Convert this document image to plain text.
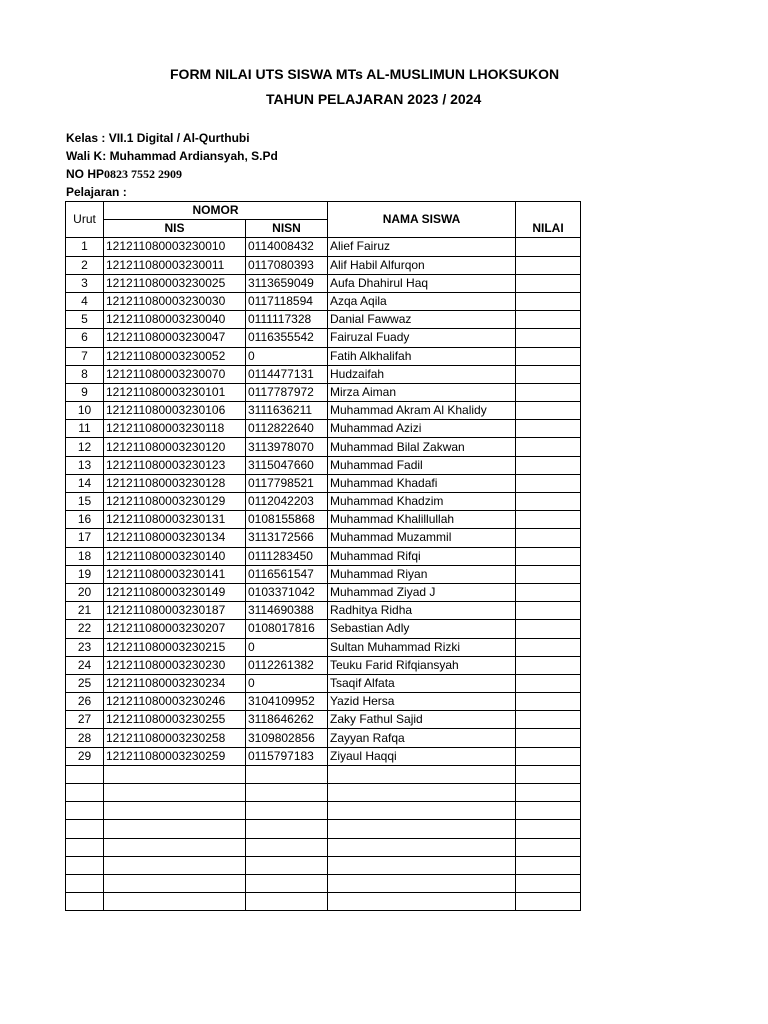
FORM NILAI UTS SISWA MTs AL-MUSLIMUN LHOKSUKON
TAHUN PELAJARAN 2023 / 2024
Kelas : VII.1 Digital / Al-Qurthubi
Wali K: Muhammad Ardiansyah, S.Pd
NO HP0823 7552 2909
Pelajaran :
Urut	NOMOR		NAMA SISWA	NILAI
	NIS	NISN		
1	121211080003230010	0114008432	Alief Fairuz	
2	121211080003230011	0117080393	Alif Habil Alfurqon	
3	121211080003230025	3113659049	Aufa Dhahirul Haq	
4	121211080003230030	0117118594	Azqa Aqila	
5	121211080003230040	0111117328	Danial Fawwaz	
6	121211080003230047	0116355542	Fairuzal Fuady	
7	121211080003230052	0	Fatih Alkhalifah	
8	121211080003230070	0114477131	Hudzaifah	
9	121211080003230101	0117787972	Mirza Aiman	
10	121211080003230106	3111636211	Muhammad Akram Al Khalidy	
11	121211080003230118	0112822640	Muhammad Azizi	
12	121211080003230120	3113978070	Muhammad Bilal Zakwan	
13	121211080003230123	3115047660	Muhammad Fadil	
14	121211080003230128	0117798521	Muhammad Khadafi	
15	121211080003230129	0112042203	Muhammad Khadzim	
16	121211080003230131	0108155868	Muhammad Khalillullah	
17	121211080003230134	3113172566	Muhammad Muzammil	
18	121211080003230140	0111283450	Muhammad Rifqi	
19	121211080003230141	0116561547	Muhammad Riyan	
20	121211080003230149	0103371042	Muhammad Ziyad J	
21	121211080003230187	3114690388	Radhitya Ridha	
22	121211080003230207	0108017816	Sebastian Adly	
23	121211080003230215	0	Sultan Muhammad Rizki	
24	121211080003230230	0112261382	Teuku Farid Rifqiansyah	
25	121211080003230234	0	Tsaqif Alfata	
26	121211080003230246	3104109952	Yazid Hersa	
27	121211080003230255	3118646262	Zaky Fathul Sajid	
28	121211080003230258	3109802856	Zayyan Rafqa	
29	121211080003230259	0115797183	Ziyaul Haqqi	
